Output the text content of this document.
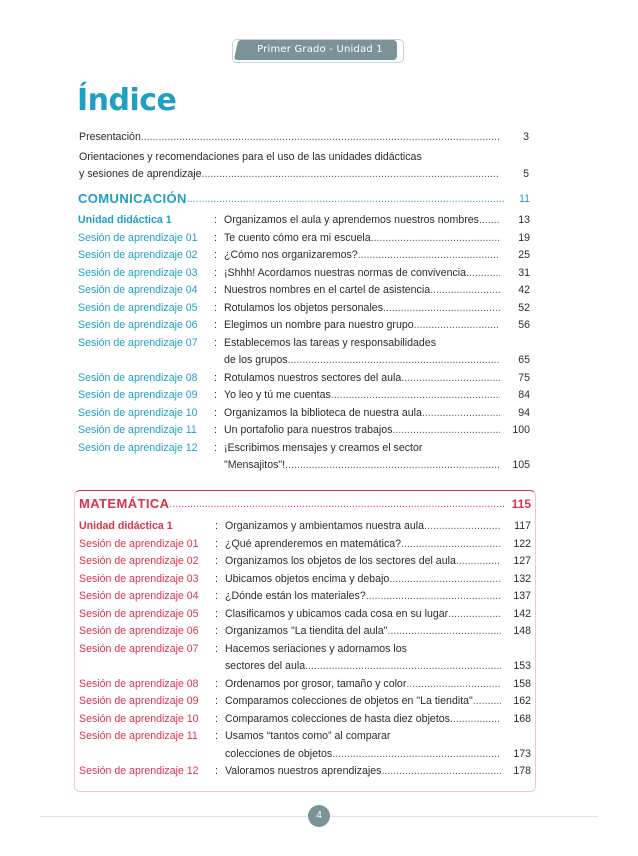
Primer Grado - Unidad 1
Índice
Presentación .....	3
Orientaciones y recomendaciones para el uso de las unidades didácticas
y sesiones de aprendizaje .....	5
COMUNICACIÓN .....	11
Unidad didáctica 1	: Organizamos el aula y aprendemos nuestros nombres .....	13
Sesión de aprendizaje 01 : Te cuento cómo era mi escuela .....	19
Sesión de aprendizaje 02 : ¿Cómo nos organizaremos? .....	25
Sesión de aprendizaje 03 : ¡Shhh! Acordamos nuestras normas de convivencia .....	31
Sesión de aprendizaje 04 : Nuestros nombres en el cartel de asistencia .....	42
Sesión de aprendizaje 05 : Rotulamos los objetos personales .....	52
Sesión de aprendizaje 06 : Elegimos un nombre para nuestro grupo .....	56
Sesión de aprendizaje 07 : Establecemos las tareas y responsabilidades
de los grupos .....	65
Sesión de aprendizaje 08 : Rotulamos nuestros sectores del aula .....	75
Sesión de aprendizaje 09 : Yo leo y tú me cuentas .....	84
Sesión de aprendizaje 10 : Organizamos la biblioteca de nuestra aula .....	94
Sesión de aprendizaje 11 : Un portafolio para nuestros trabajos .....	100
Sesión de aprendizaje 12 : ¡Escribimos mensajes y creamos el sector
"Mensajitos"!. .....	105
MATEMÁTICA .....	115
Unidad didáctica 1	: Organizamos y ambientamos nuestra aula .....	117
Sesión de aprendizaje 01 : ¿Qué aprenderemos en matemática? .....	122
Sesión de aprendizaje 02 : Organizamos los objetos de los sectores del aula .....	127
Sesión de aprendizaje 03 : Ubicamos objetos encima y debajo .....	132
Sesión de aprendizaje 04 : ¿Dónde están los materiales? .....	137
Sesión de aprendizaje 05 : Clasificamos y ubicamos cada cosa en su lugar .....	142
Sesión de aprendizaje 06 : Organizamos "La tiendita del aula" .....	148
Sesión de aprendizaje 07 : Hacemos seriaciones y adornamos los
sectores del aula .....	153
Sesión de aprendizaje 08 : Ordenamos por grosor, tamaño y color .....	158
Sesión de aprendizaje 09 : Comparamos colecciones de objetos en "La tiendita" .....	162
Sesión de aprendizaje 10 : Comparamos colecciones de hasta diez objetos .....	168
Sesión de aprendizaje 11 : Usamos “tantos como” al comparar
colecciones de objetos .....	173
Sesión de aprendizaje 12 : Valoramos nuestros aprendizajes .....	178
4
